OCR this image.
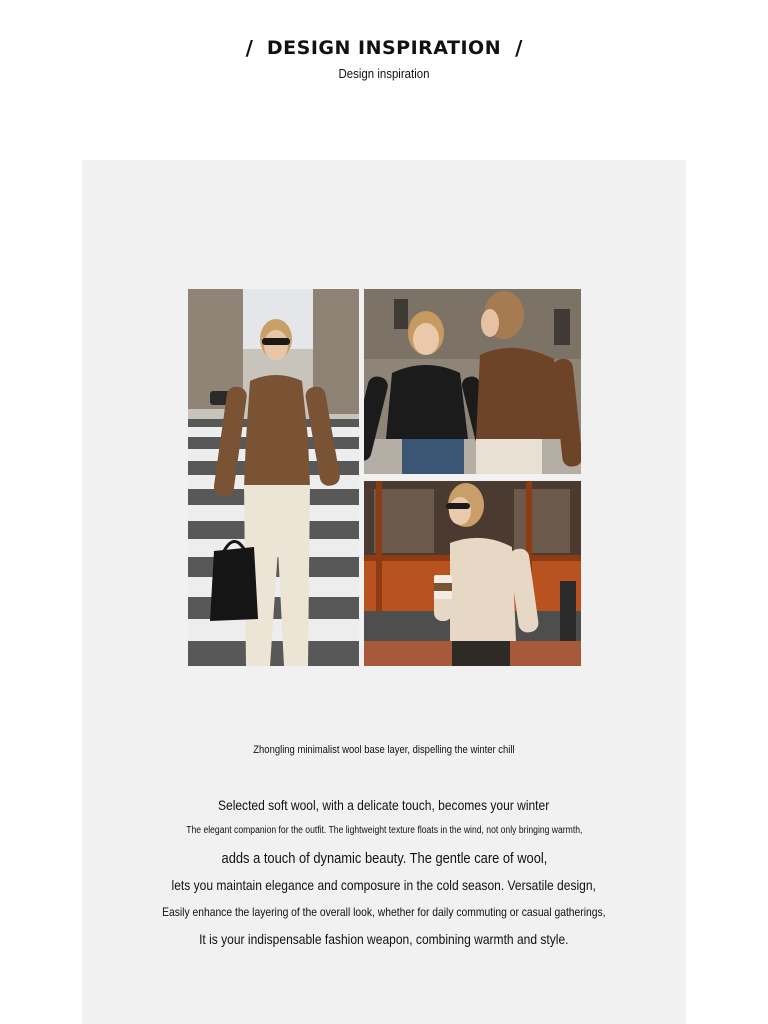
/ DESIGN INSPIRATION /
Design inspiration
Zhongling minimalist wool base layer, dispelling the winter chill
Selected soft wool, with a delicate touch, becomes your winter
The elegant companion for the outfit. The lightweight texture floats in the wind, not only bringing warmth,
adds a touch of dynamic beauty. The gentle care of wool,
lets you maintain elegance and composure in the cold season. Versatile design,
Easily enhance the layering of the overall look, whether for daily commuting or casual gatherings,
It is your indispensable fashion weapon, combining warmth and style.
